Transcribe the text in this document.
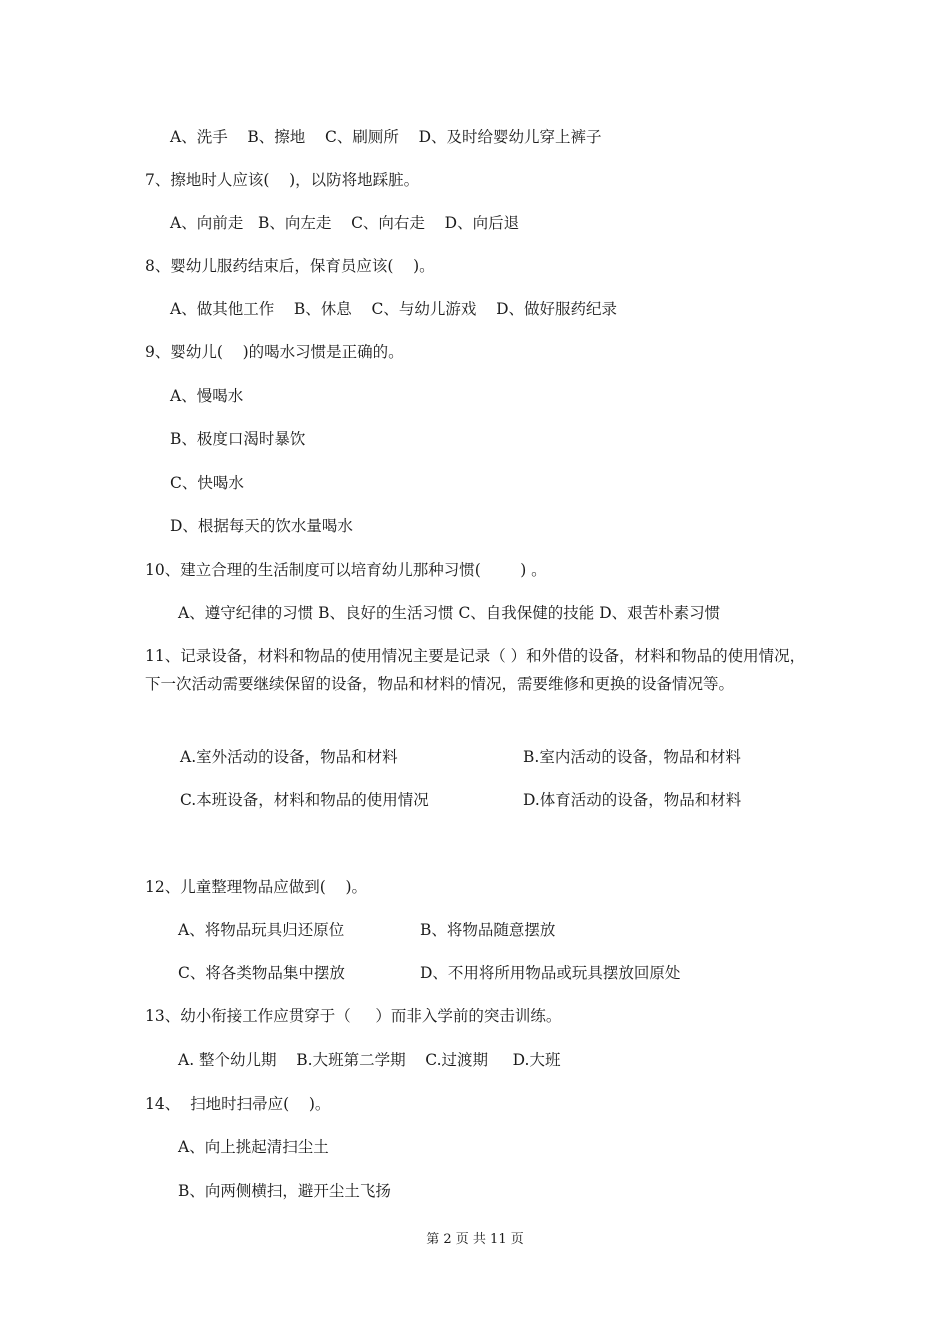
A、洗手    B、擦地    C、刷厕所    D、及时给婴幼儿穿上裤子
7、擦地时人应该(    )，以防将地踩脏。
A、向前走   B、向左走    C、向右走    D、向后退
8、婴幼儿服药结束后，保育员应该(    )。
A、做其他工作    B、休息    C、与幼儿游戏    D、做好服药纪录
9、婴幼儿(    )的喝水习惯是正确的。
A、慢喝水
B、极度口渴时暴饮
C、快喝水
D、根据每天的饮水量喝水
10、建立合理的生活制度可以培育幼儿那种习惯(        ) 。
A、遵守纪律的习惯 B、良好的生活习惯 C、自我保健的技能 D、艰苦朴素习惯
11、记录设备，材料和物品的使用情况主要是记录（ ）和外借的设备，材料和物品的使用情况，下一次活动需要继续保留的设备，物品和材料的情况，需要维修和更换的设备情况等。
A.室外活动的设备，物品和材料	B.室内活动的设备，物品和材料
C.本班设备，材料和物品的使用情况	D.体育活动的设备，物品和材料
12、儿童整理物品应做到(    )。
A、将物品玩具归还原位	B、将物品随意摆放
C、将各类物品集中摆放	D、不用将所用物品或玩具摆放回原处
13、幼小衔接工作应贯穿于（     ）而非入学前的突击训练。
A. 整个幼儿期    B.大班第二学期    C.过渡期     D.大班
14、  扫地时扫帚应(    )。
A、向上挑起清扫尘土
B、向两侧横扫，避开尘土飞扬
第 2 页 共 11 页
